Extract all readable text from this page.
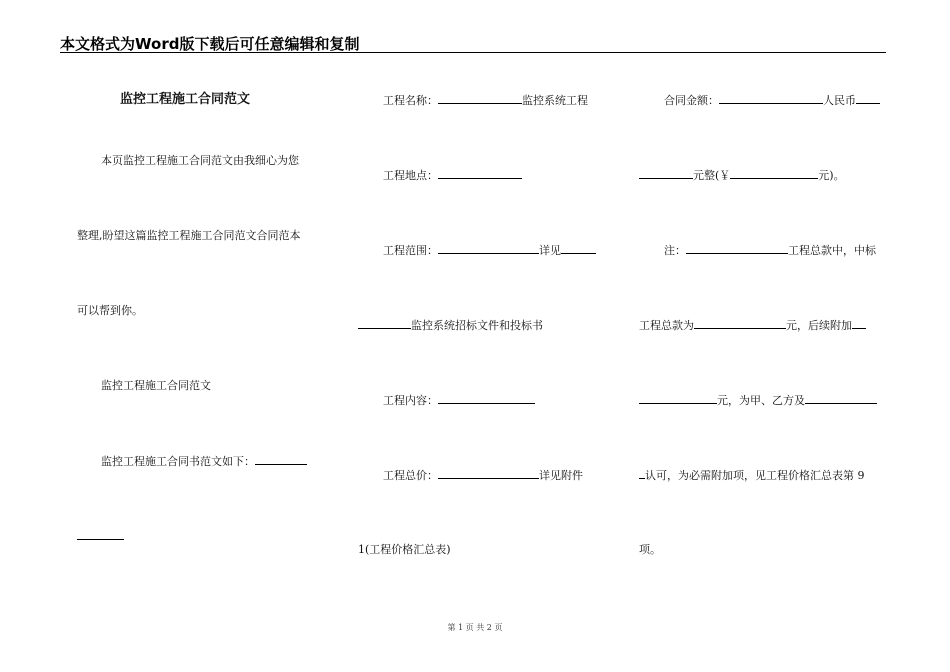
本文格式为Word版下载后可任意编辑和复制
监控工程施工合同范文
本页监控工程施工合同范文由我细心为您
整理,盼望这篇监控工程施工合同范文合同范本
可以帮到你。
监控工程施工合同范文
监控工程施工合同书范文如下：
工程名称：	监控系统工程
工程地点：
工程范围：	详见
监控系统招标文件和投标书
工程内容：
工程总价：	详见附件
1(工程价格汇总表)
合同金额：	人民币
元整(￥	元)。
注：	工程总款中，中标
工程总款为	元，后续附加
元，为甲、乙方及
认可，为必需附加项，见工程价格汇总表第 9
项。
第 1 页 共 2 页
